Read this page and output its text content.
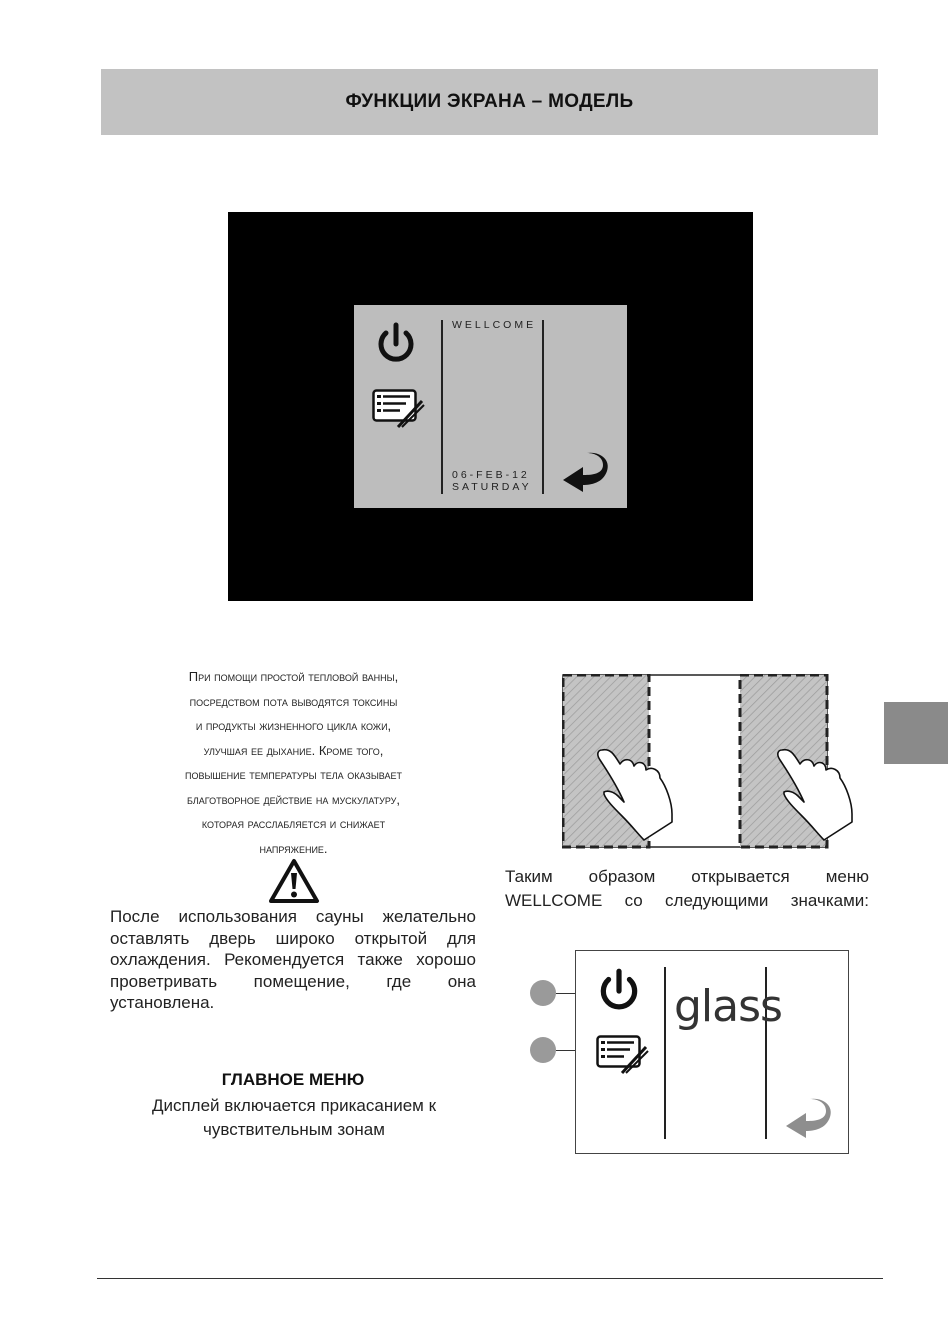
ФУНКЦИИ ЭКРАНА – МОДЕЛЬ
WELLCOME
06-FEB-12
SATURDAY
При помощи простой тепловой ванны,
посредством пота выводятся токсины
и продукты жизненного цикла кожи,
улучшая ее дыхание. Кроме того,
повышение температуры тела оказывает
благотворное действие на мускулатуру,
которая расслабляется и снижает
напряжение.
После использования сауны желательно оставлять дверь широко открытой для охлаждения. Рекомендуется также хорошо проветривать помещение, где она установлена.
ГЛАВНОЕ МЕНЮ
Дисплей включается прикасанием к
чувствительным зонам
Таким образом открывается меню
WELLCOME со следующими значками:
glass
